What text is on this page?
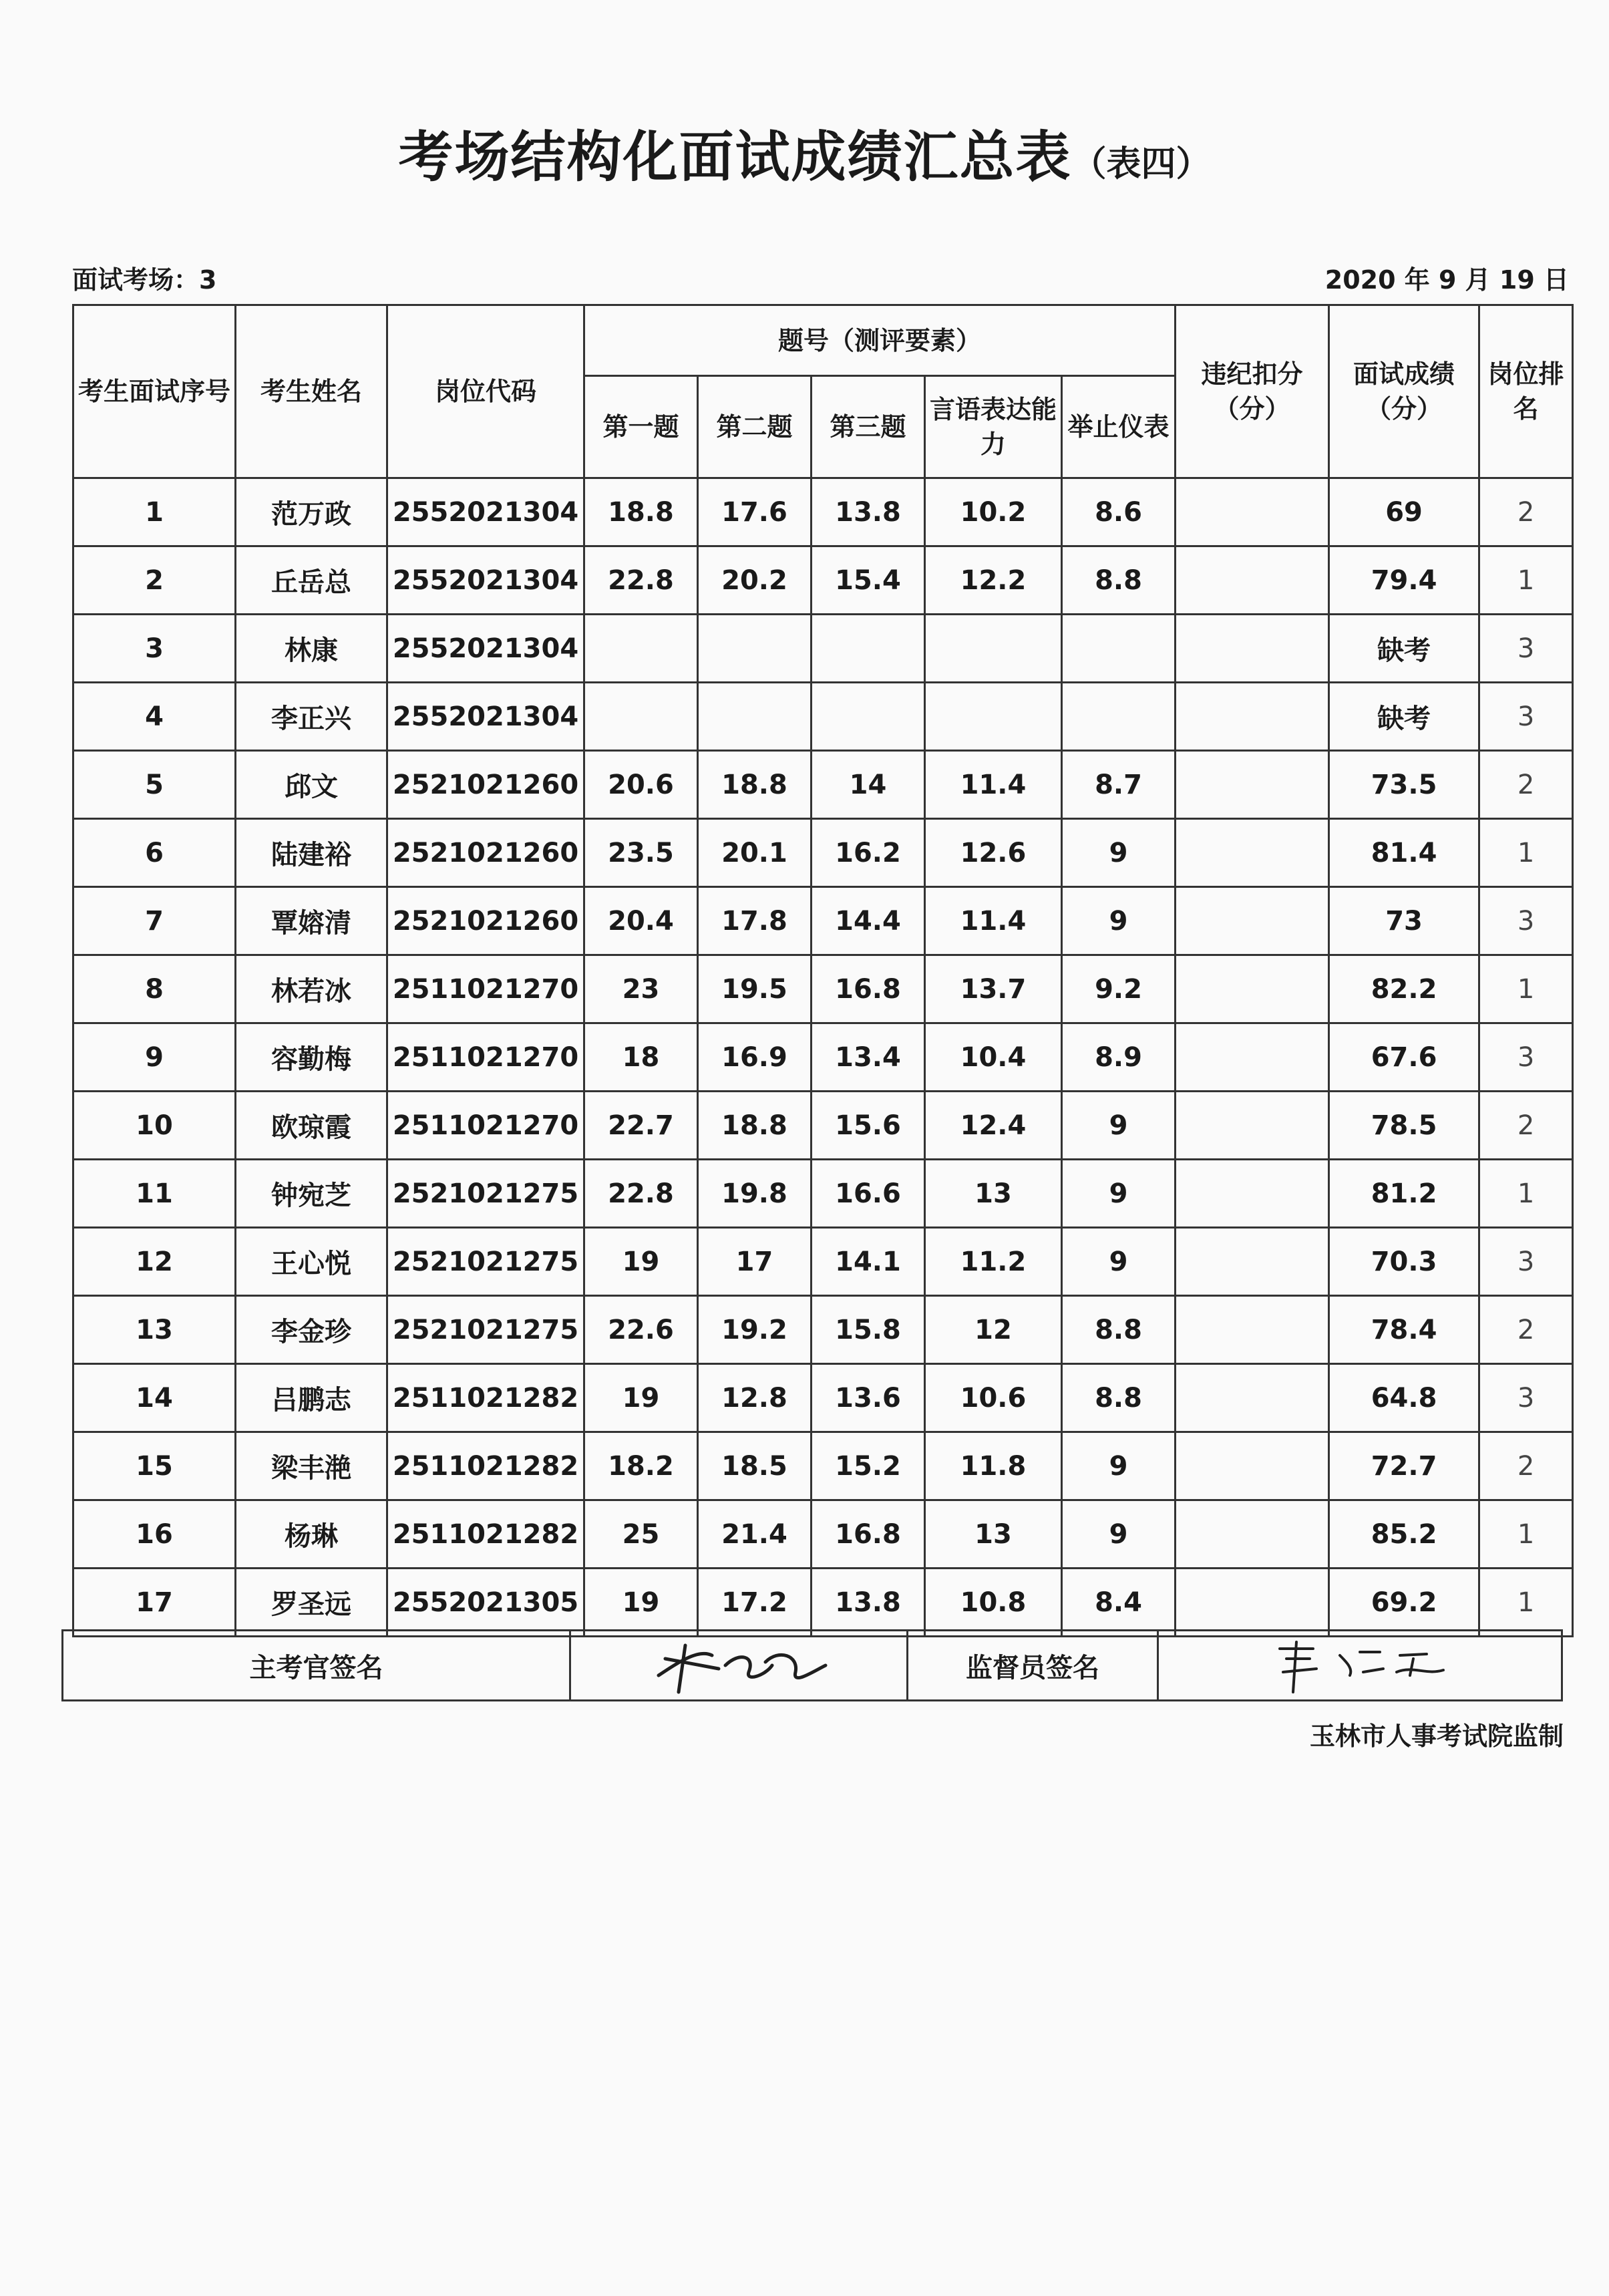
考场结构化面试成绩汇总表（表四）
面试考场：3	2020 年 9 月 19 日
考生面试序号	考生姓名	岗位代码	题号（测评要素）					违纪扣分（分）	面试成绩（分）	岗位排名
			第一题	第二题	第三题	言语表达能力	举止仪表			
1	范万政	2552021304	18.8	17.6	13.8	10.2	8.6		69	2
2	丘岳总	2552021304	22.8	20.2	15.4	12.2	8.8		79.4	1
3	林康	2552021304							缺考	3
4	李正兴	2552021304							缺考	3
5	邱文	2521021260	20.6	18.8	14	11.4	8.7		73.5	2
6	陆建裕	2521021260	23.5	20.1	16.2	12.6	9		81.4	1
7	覃嫆清	2521021260	20.4	17.8	14.4	11.4	9		73	3
8	林若冰	2511021270	23	19.5	16.8	13.7	9.2		82.2	1
9	容勤梅	2511021270	18	16.9	13.4	10.4	8.9		67.6	3
10	欧琼霞	2511021270	22.7	18.8	15.6	12.4	9		78.5	2
11	钟宛芝	2521021275	22.8	19.8	16.6	13	9		81.2	1
12	王心悦	2521021275	19	17	14.1	11.2	9		70.3	3
13	李金珍	2521021275	22.6	19.2	15.8	12	8.8		78.4	2
14	吕鹏志	2511021282	19	12.8	13.6	10.6	8.8		64.8	3
15	梁丰滟	2511021282	18.2	18.5	15.2	11.8	9		72.7	2
16	杨琳	2511021282	25	21.4	16.8	13	9		85.2	1
17	罗圣远	2552021305	19	17.2	13.8	10.8	8.4		69.2	1
主考官签名		监督员签名	
玉林市人事考试院监制
